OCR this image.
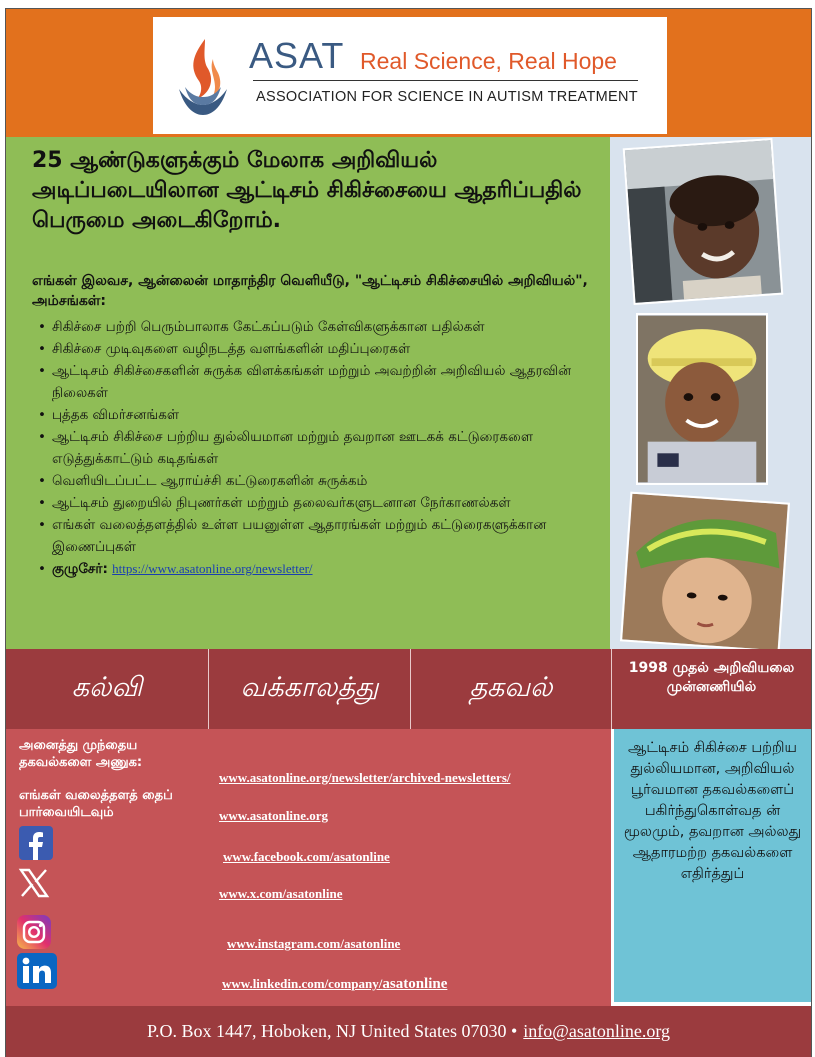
ASAT Real Science, Real Hope
ASSOCIATION FOR SCIENCE IN AUTISM TREATMENT
25 ஆண்டுகளுக்கும் மேலாக அறிவியல் அடிப்படையிலான ஆட்டிசம் சிகிச்சையை ஆதரிப்பதில் பெருமை அடைகிறோம்.

எங்கள் இலவச, ஆன்லைன் மாதாந்திர வெளியீடு, "ஆட்டிசம் சிகிச்சையில் அறிவியல்", அம்சங்கள்:

• சிகிச்சை பற்றி பெரும்பாலாக கேட்கப்படும் கேள்விகளுக்கான பதில்கள்
• சிகிச்சை முடிவுகளை வழிநடத்த வளங்களின் மதிப்புரைகள்
• ஆட்டிசம் சிகிச்சைகளின் சுருக்க விளக்கங்கள் மற்றும் அவற்றின் அறிவியல் ஆதரவின் நிலைகள்
• புத்தக விமர்சனங்கள்
• ஆட்டிசம் சிகிச்சை பற்றிய துல்லியமான மற்றும் தவறான ஊடகக் கட்டுரைகளை எடுத்துக்காட்டும் கடிதங்கள்
• வெளியிடப்பட்ட ஆராய்ச்சி கட்டுரைகளின் சுருக்கம்
• ஆட்டிசம் துறையில் நிபுணர்கள் மற்றும் தலைவர்களுடனான நேர்காணல்கள்
• எங்கள் வலைத்தளத்தில் உள்ள பயனுள்ள ஆதாரங்கள் மற்றும் கட்டுரைகளுக்கான இணைப்புகள்
• குழுசேர்: https://www.asatonline.org/newsletter/
கல்வி	வக்காலத்து	தகவல்
1998 முதல் அறிவியலை முன்னணியில்
அனைத்து முந்தைய தகவல்களை அணுக:
எங்கள் வலைத்தளத் தைப் பார்வையிடவும்
www.asatonline.org/newsletter/archived-newsletters/
www.asatonline.org
www.facebook.com/asatonline
www.x.com/asatonline
www.instagram.com/asatonline
www.linkedin.com/company/asatonline
ஆட்டிசம் சிகிச்சை பற்றிய துல்லியமான, அறிவியல் பூர்வமான தகவல்களைப் பகிர்ந்துகொள்வத ன் மூலமும், தவறான அல்லது ஆதாரமற்ற தகவல்களை எதிர்த்துப்
P.O. Box 1447, Hoboken, NJ United States 07030 • info@asatonline.org
